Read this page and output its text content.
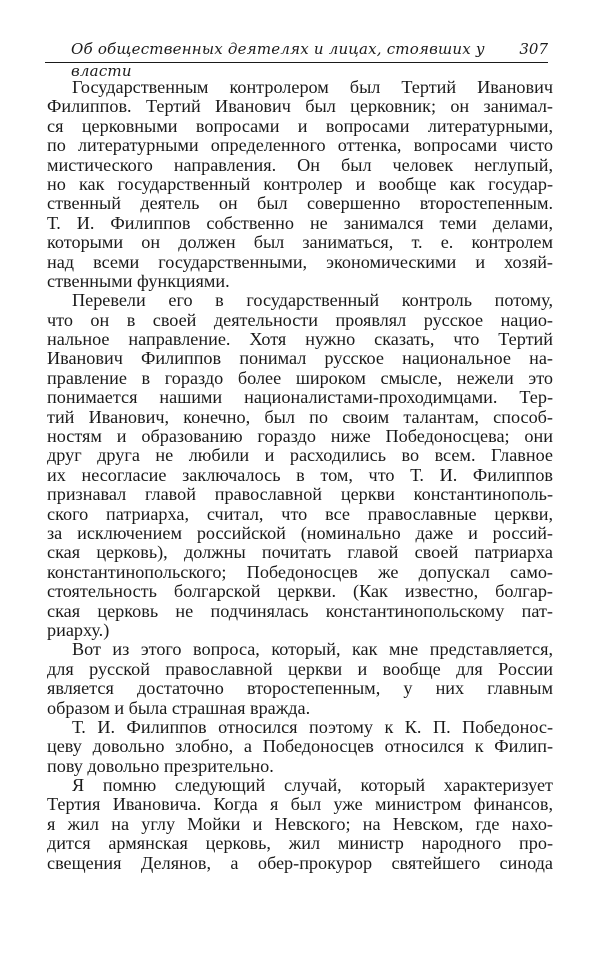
Об общественных деятелях и лицах, стоявших у власти
307
Государственным контролером был Тертий Иванович
Филиппов. Тертий Иванович был церковник; он занимал-
ся церковными вопросами и вопросами литературными,
по литературными определенного оттенка, вопросами чисто
мистического направления. Он был человек неглупый,
но как государственный контролер и вообще как государ-
ственный деятель он был совершенно второстепенным.
Т. И. Филиппов собственно не занимался теми делами,
которыми он должен был заниматься, т. е. контролем
над всеми государственными, экономическими и хозяй-
ственными функциями.
Перевели его в государственный контроль потому,
что он в своей деятельности проявлял русское нацио-
нальное направление. Хотя нужно сказать, что Тертий
Иванович Филиппов понимал русское национальное на-
правление в гораздо более широком смысле, нежели это
понимается нашими националистами-проходимцами. Тер-
тий Иванович, конечно, был по своим талантам, способ-
ностям и образованию гораздо ниже Победоносцева; они
друг друга не любили и расходились во всем. Главное
их несогласие заключалось в том, что Т. И. Филиппов
признавал главой православной церкви константинополь-
ского патриарха, считал, что все православные церкви,
за исключением российской (номинально даже и россий-
ская церковь), должны почитать главой своей патриарха
константинопольского; Победоносцев же допускал само-
стоятельность болгарской церкви. (Как известно, болгар-
ская церковь не подчинялась константинопольскому пат-
риарху.)
Вот из этого вопроса, который, как мне представляется,
для русской православной церкви и вообще для России
является достаточно второстепенным, у них главным
образом и была страшная вражда.
Т. И. Филиппов относился поэтому к К. П. Победонос-
цеву довольно злобно, а Победоносцев относился к Филип-
пову довольно презрительно.
Я помню следующий случай, который характеризует
Тертия Ивановича. Когда я был уже министром финансов,
я жил на углу Мойки и Невского; на Невском, где нахо-
дится армянская церковь, жил министр народного про-
свещения Делянов, а обер-прокурор святейшего синода
